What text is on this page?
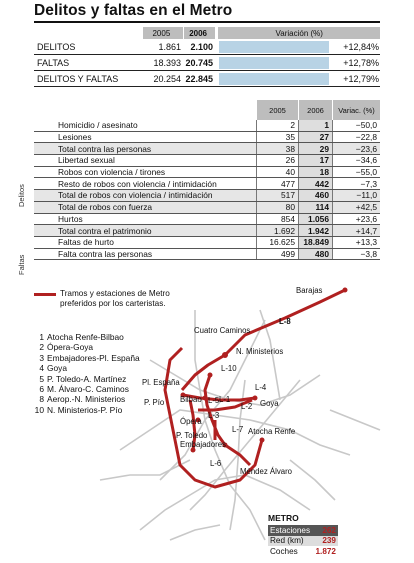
Delitos y faltas en el Metro
2005	2006	Variación (%)
DELITOS	1.861	2.100	+12,84%
FALTAS	18.393 20.745	+12,78%
DELITOS Y FALTAS	20.254 22.845	+12,79%
2005	2006	Variac. (%)
Homicidio / asesinato	2	1	−50,0
Lesiones	35	27	−22,8
Total contra las personas	38	29	−23,6
Libertad sexual	26	17	−34,6
Robos con violencia / tirones	40	18	−55,0
Resto de robos con violencia / intimidación	477	442	−7,3
Total de robos con violencia / intimidación	517	460	−11,0
Total de robos con fuerza	80	114	+42,5
Hurtos	854	1.056	+23,6
Total contra el patrimonio	1.692	1.942	+14,7
Faltas de hurto	16.625 18.849	+13,3
Falta contra las personas	499	480	−3,8
Delitos
Faltas
Tramos y estaciones de Metro preferidos por los carteristas.
1 Atocha Renfe-Bilbao
2 Ópera-Goya
3 Embajadores-Pl. España
4 Goya
5 P. Toledo-A. Martínez
6 M. Álvaro-C. Caminos
8 Aerop.-N. Ministerios
10 N. Ministerios-P. Pío
Barajas
Cuatro Caminos
N. Ministerios
Pl. España
P. Pío Bilbao
Ópera
Goya
P. Toledo
Embajadores
Atocha Renfe
Méndez Álvaro
L-8
L-10
L-1
L-4
L-2
L-3
L-5
L-7
L-6
METRO
Estaciones 262
Red (km) 239
Coches 1.872
